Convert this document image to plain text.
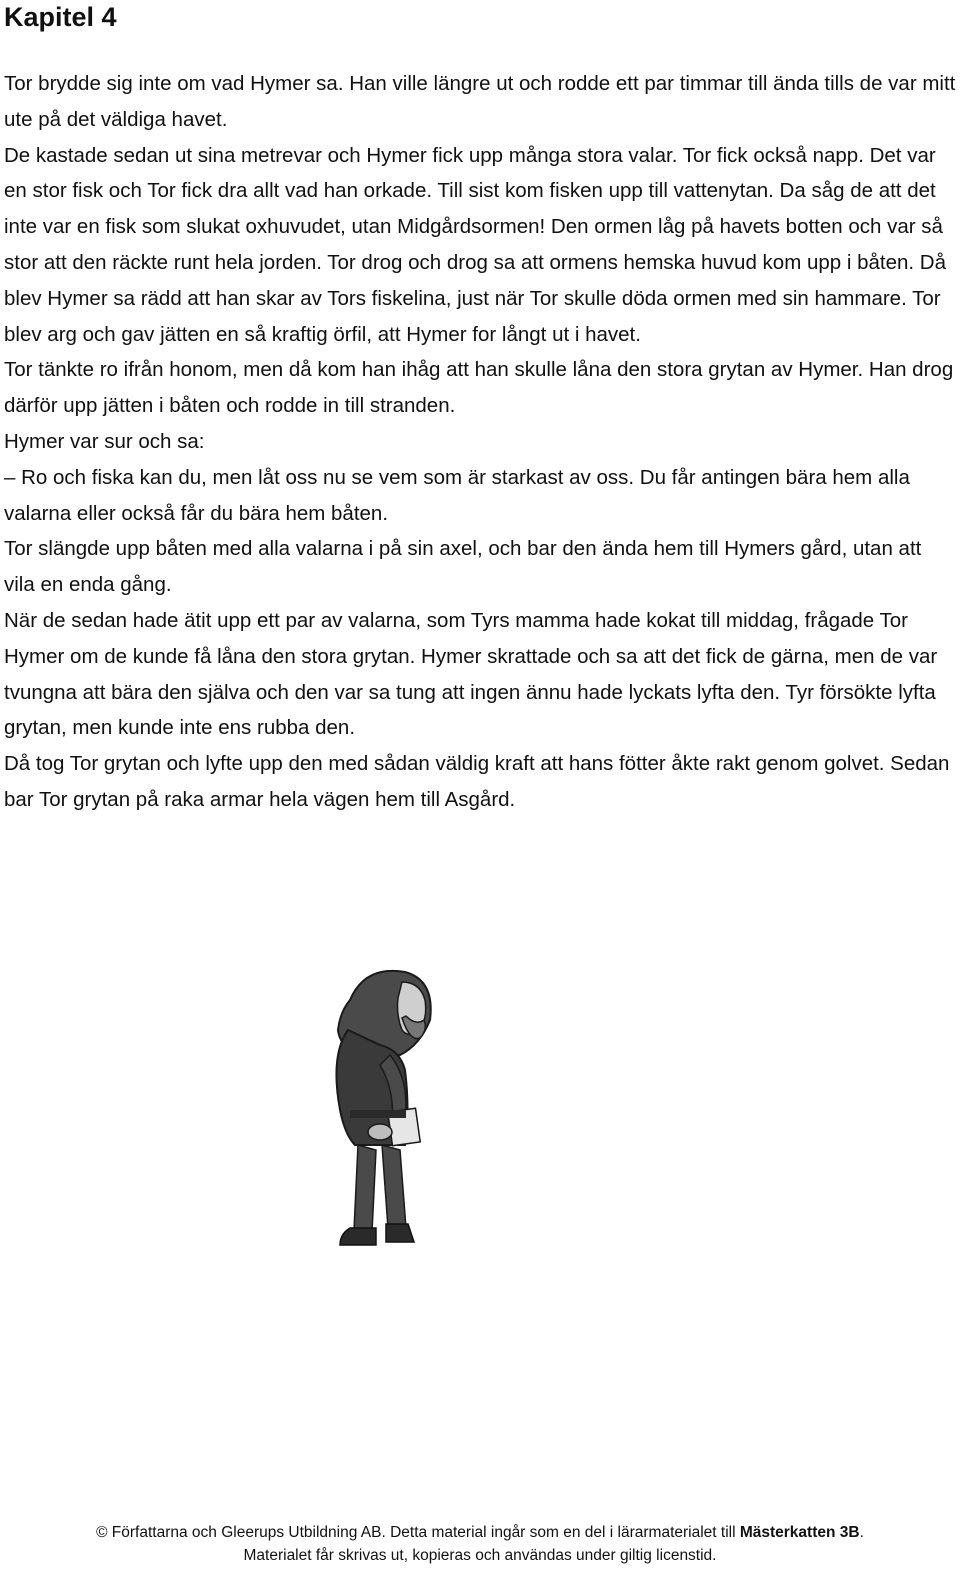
Kapitel 4

Tor brydde sig inte om vad Hymer sa. Han ville längre ut och rodde ett par timmar till ända tills de var mitt ute på det väldiga havet.

De kastade sedan ut sina metrevar och Hymer fick upp många stora valar. Tor fick också napp. Det var en stor fisk och Tor fick dra allt vad han orkade. Till sist kom fisken upp till vattenytan. Da såg de att det inte var en fisk som slukat oxhuvudet, utan Midgårdsormen! Den ormen låg på havets botten och var så stor att den räckte runt hela jorden. Tor drog och drog sa att ormens hemska huvud kom upp i båten. Då blev Hymer sa rädd att han skar av Tors fiskelina, just när Tor skulle döda ormen med sin hammare. Tor blev arg och gav jätten en så kraftig örfil, att Hymer for långt ut i havet.

Tor tänkte ro ifrån honom, men då kom han ihåg att han skulle låna den stora grytan av Hymer. Han drog därför upp jätten i båten och rodde in till stranden.

Hymer var sur och sa:

– Ro och fiska kan du, men låt oss nu se vem som är starkast av oss. Du får antingen bära hem alla valarna eller också får du bära hem båten.

Tor slängde upp båten med alla valarna i på sin axel, och bar den ända hem till Hymers gård, utan att vila en enda gång.

När de sedan hade ätit upp ett par av valarna, som Tyrs mamma hade kokat till middag, frågade Tor Hymer om de kunde få låna den stora grytan. Hymer skrattade och sa att det fick de gärna, men de var tvungna att bära den själva och den var sa tung att ingen ännu hade lyckats lyfta den. Tyr försökte lyfta grytan, men kunde inte ens rubba den.

Då tog Tor grytan och lyfte upp den med sådan väldig kraft att hans fötter åkte rakt genom golvet. Sedan bar Tor grytan på raka armar hela vägen hem till Asgård.

© Författarna och Gleerups Utbildning AB. Detta material ingår som en del i lärarmaterialet till Mästerkatten 3B.
Materialet får skrivas ut, kopieras och användas under giltig licenstid.
